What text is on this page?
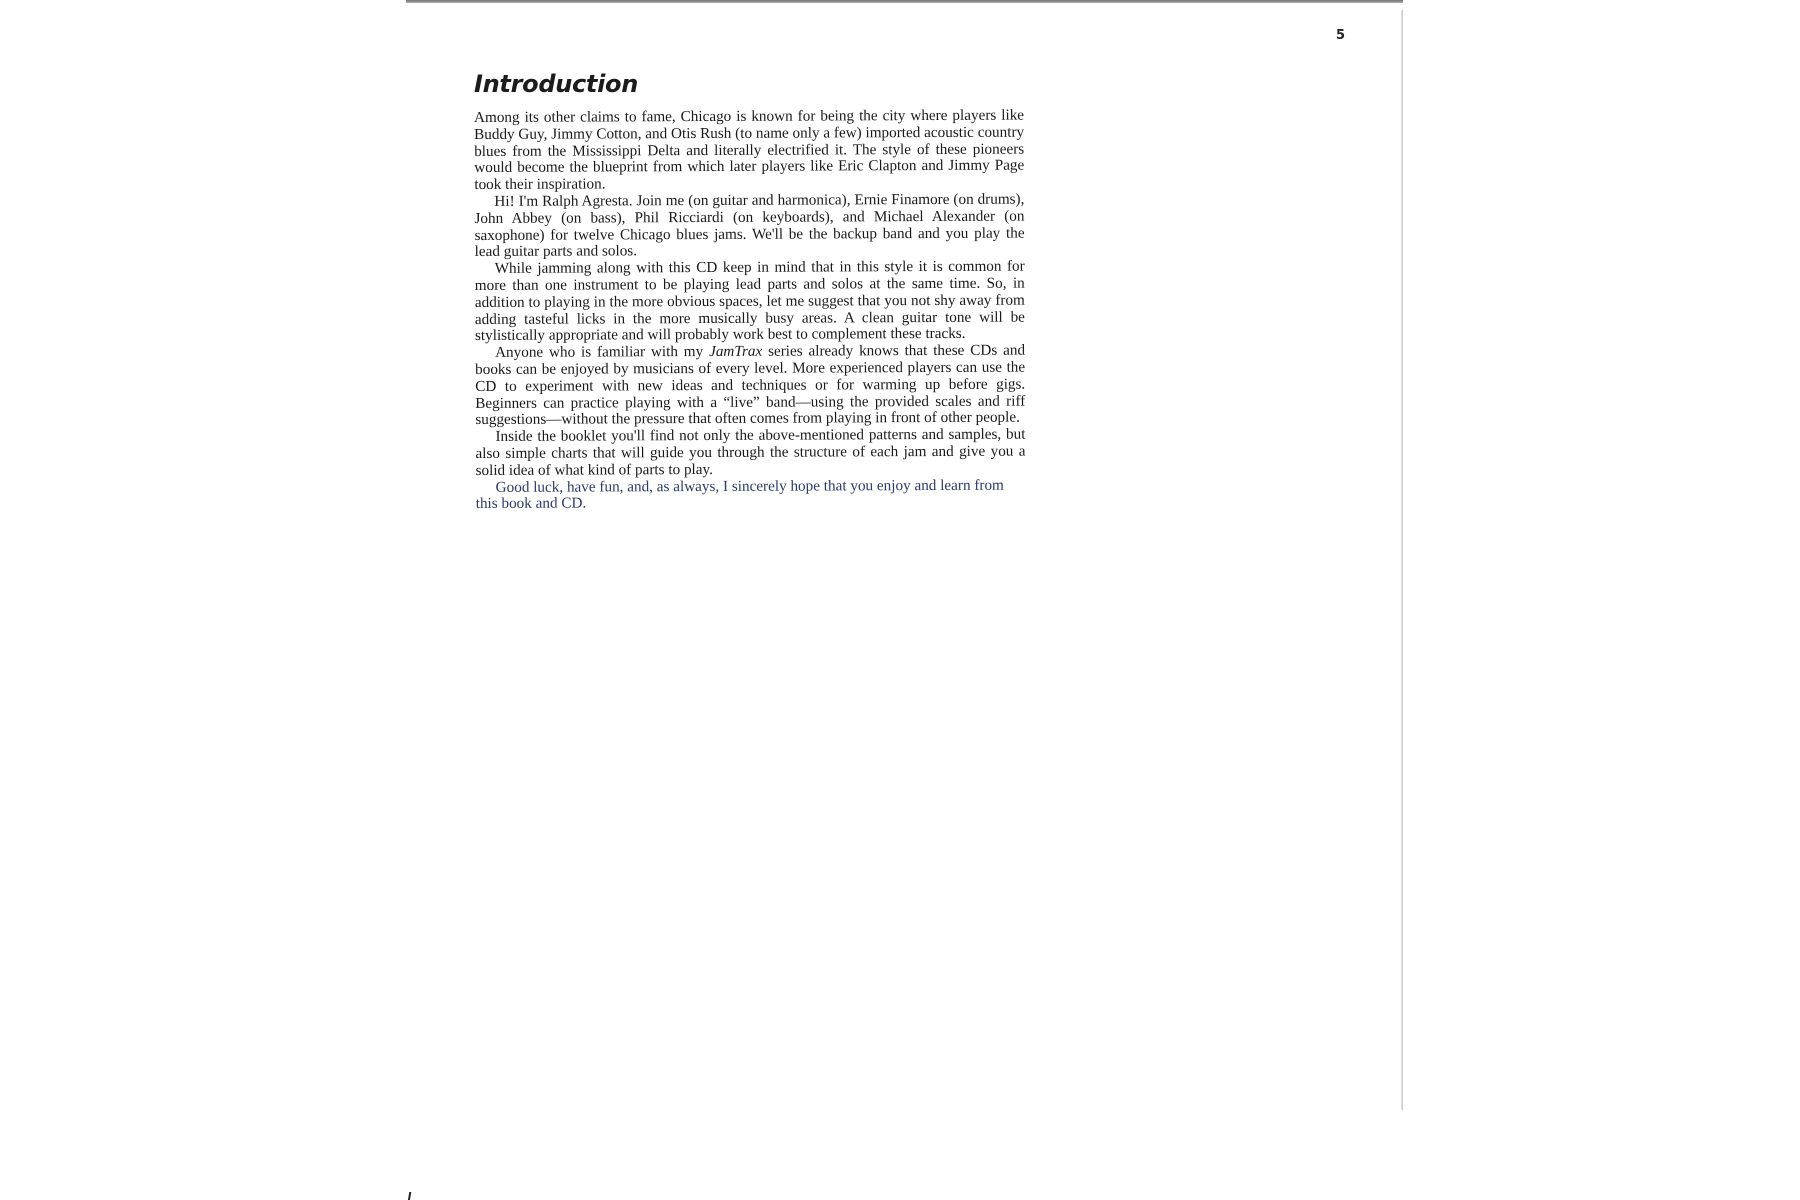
5
Introduction

Among its other claims to fame, Chicago is known for being the city where players like Buddy Guy, Jimmy Cotton, and Otis Rush (to name only a few) imported acoustic country blues from the Mississippi Delta and literally electrified it. The style of these pioneers would become the blueprint from which later players like Eric Clapton and Jimmy Page took their inspiration.

Hi! I'm Ralph Agresta. Join me (on guitar and harmonica), Ernie Finamore (on drums), John Abbey (on bass), Phil Ricciardi (on keyboards), and Michael Alexander (on saxophone) for twelve Chicago blues jams. We'll be the backup band and you play the lead guitar parts and solos.

While jamming along with this CD keep in mind that in this style it is common for more than one instrument to be playing lead parts and solos at the same time. So, in addition to playing in the more obvious spaces, let me suggest that you not shy away from adding tasteful licks in the more musically busy areas. A clean guitar tone will be stylistically appropriate and will probably work best to complement these tracks.

Anyone who is familiar with my JamTrax series already knows that these CDs and books can be enjoyed by musicians of every level. More experienced players can use the CD to experiment with new ideas and techniques or for warming up before gigs. Beginners can practice playing with a “live” band—using the provided scales and riff suggestions—without the pressure that often comes from playing in front of other people.

Inside the booklet you'll find not only the above-mentioned patterns and samples, but also simple charts that will guide you through the structure of each jam and give you a solid idea of what kind of parts to play.

Good luck, have fun, and, as always, I sincerely hope that you enjoy and learn from this book and CD.
